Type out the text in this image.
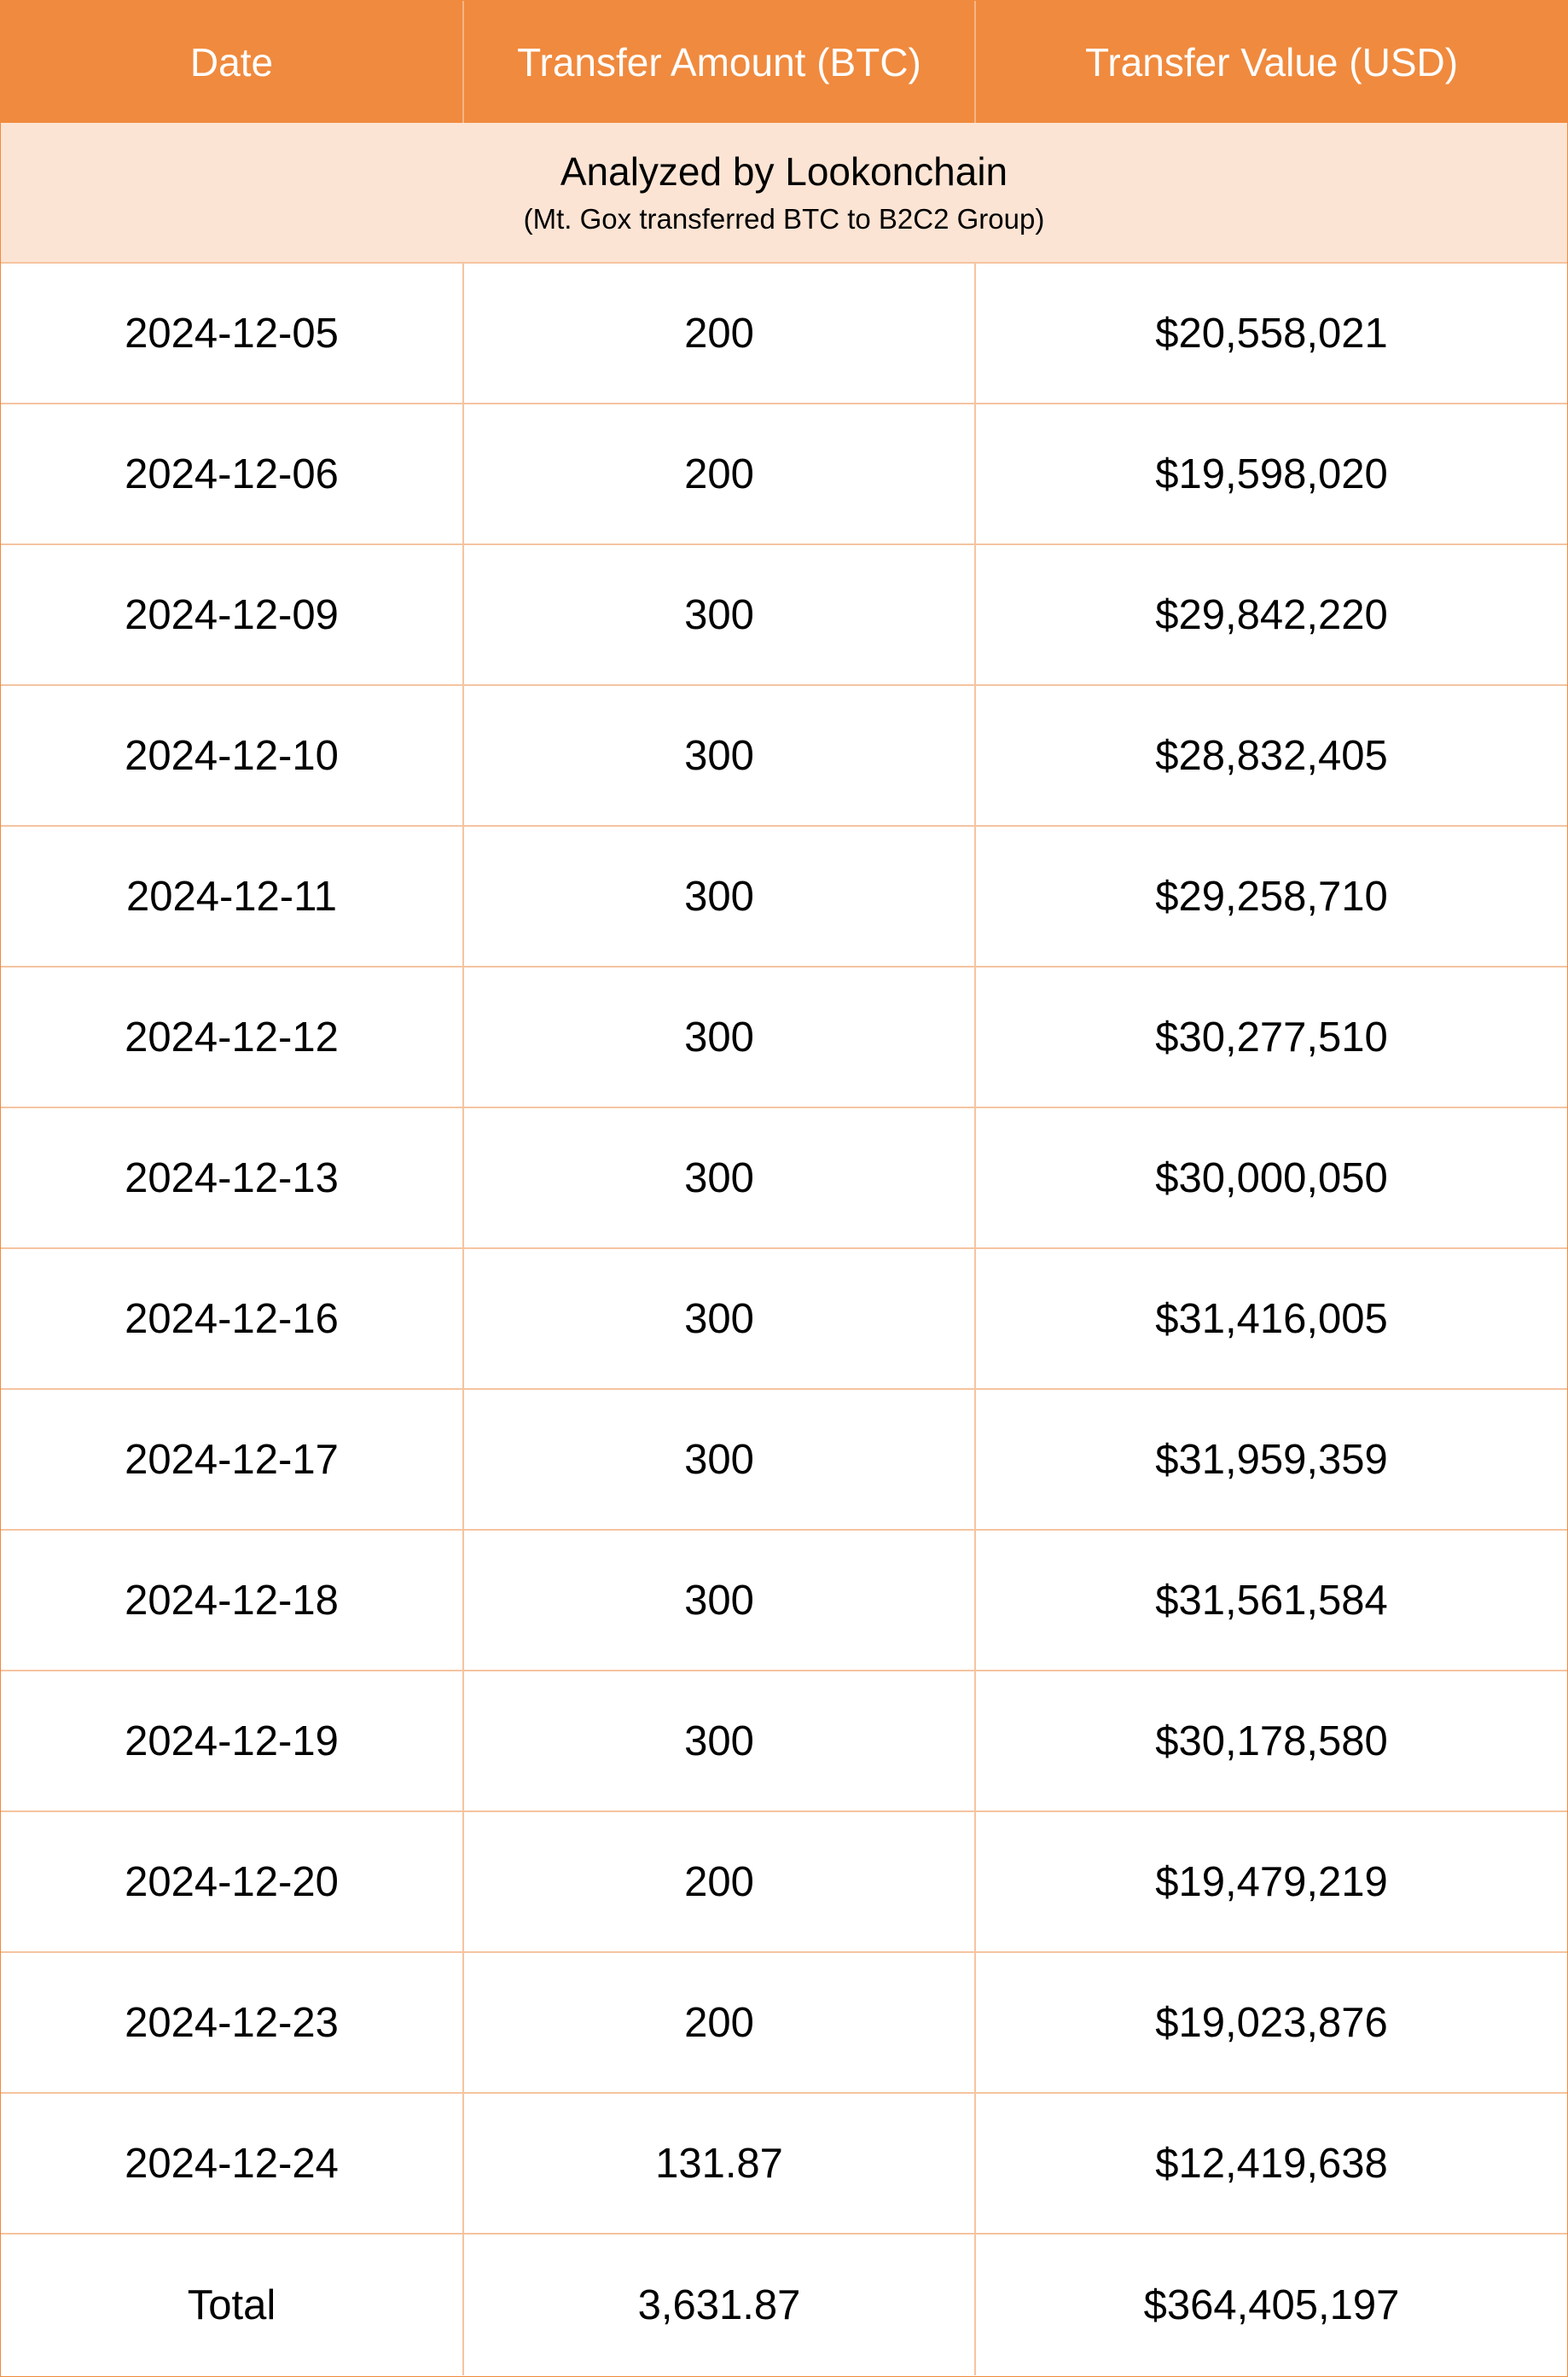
Date	Transfer Amount (BTC)	Transfer Value (USD)
Analyzed by Lookonchain
(Mt. Gox transferred BTC to B2C2 Group)
2024-12-05	200	$20,558,021
2024-12-06	200	$19,598,020
2024-12-09	300	$29,842,220
2024-12-10	300	$28,832,405
2024-12-11	300	$29,258,710
2024-12-12	300	$30,277,510
2024-12-13	300	$30,000,050
2024-12-16	300	$31,416,005
2024-12-17	300	$31,959,359
2024-12-18	300	$31,561,584
2024-12-19	300	$30,178,580
2024-12-20	200	$19,479,219
2024-12-23	200	$19,023,876
2024-12-24	131.87	$12,419,638
Total	3,631.87	$364,405,197
